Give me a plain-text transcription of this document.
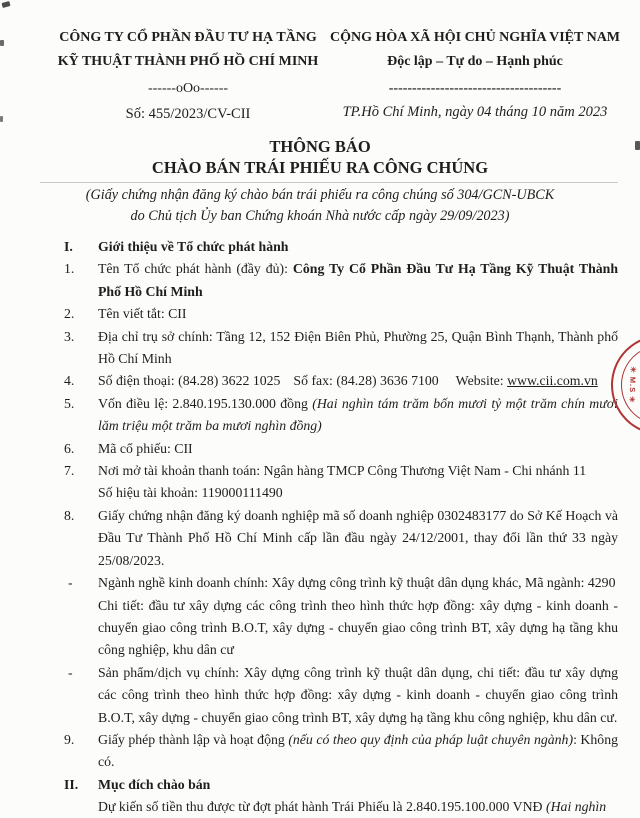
CÔNG TY CỔ PHẦN ĐẦU TƯ HẠ TẦNG
KỸ THUẬT THÀNH PHỐ HỒ CHÍ MINH
------oOo------
Số: 455/2023/CV-CII
CỘNG HÒA XÃ HỘI CHỦ NGHĨA VIỆT NAM
Độc lập – Tự do – Hạnh phúc
-------------------------------------
TP.Hồ Chí Minh, ngày 04 tháng 10 năm 2023
THÔNG BÁO
CHÀO BÁN TRÁI PHIẾU RA CÔNG CHÚNG
(Giấy chứng nhận đăng ký chào bán trái phiếu ra công chúng số 304/GCN-UBCK do Chủ tịch Ủy ban Chứng khoán Nhà nước cấp ngày 29/09/2023)
I. Giới thiệu về Tổ chức phát hành
1. Tên Tổ chức phát hành (đầy đủ): Công Ty Cổ Phần Đầu Tư Hạ Tầng Kỹ Thuật Thành Phố Hồ Chí Minh
2. Tên viết tắt: CII
3. Địa chỉ trụ sở chính: Tầng 12, 152 Điện Biên Phủ, Phường 25, Quận Bình Thạnh, Thành phố Hồ Chí Minh
4. Số điện thoại: (84.28) 3622 1025 Số fax: (84.28) 3636 7100 Website: www.cii.com.vn
5. Vốn điều lệ: 2.840.195.130.000 đồng (Hai nghìn tám trăm bốn mươi tỷ một trăm chín mươi lăm triệu một trăm ba mươi nghìn đồng)
6. Mã cổ phiếu: CII
7. Nơi mở tài khoản thanh toán: Ngân hàng TMCP Công Thương Việt Nam - Chi nhánh 11
Số hiệu tài khoản: 119000111490
8. Giấy chứng nhận đăng ký doanh nghiệp mã số doanh nghiệp 0302483177 do Sở Kế Hoạch và Đầu Tư Thành Phố Hồ Chí Minh cấp lần đầu ngày 24/12/2001, thay đổi lần thứ 33 ngày 25/08/2023.
- Ngành nghề kinh doanh chính: Xây dựng công trình kỹ thuật dân dụng khác, Mã ngành: 4290
Chi tiết: đầu tư xây dựng các công trình theo hình thức hợp đồng: xây dựng - kinh doanh - chuyển giao công trình B.O.T, xây dựng - chuyển giao công trình BT, xây dựng hạ tầng khu công nghiệp, khu dân cư
- Sản phẩm/dịch vụ chính: Xây dựng công trình kỹ thuật dân dụng, chi tiết: đầu tư xây dựng các công trình theo hình thức hợp đồng: xây dựng - kinh doanh - chuyển giao công trình B.O.T, xây dựng - chuyển giao công trình BT, xây dựng hạ tầng khu công nghiệp, khu dân cư.
9. Giấy phép thành lập và hoạt động (nếu có theo quy định của pháp luật chuyên ngành): Không có.
II. Mục đích chào bán
Dự kiến số tiền thu được từ đợt phát hành Trái Phiếu là 2.840.195.100.000 VNĐ (Hai nghìn
✳ M.S ✳
